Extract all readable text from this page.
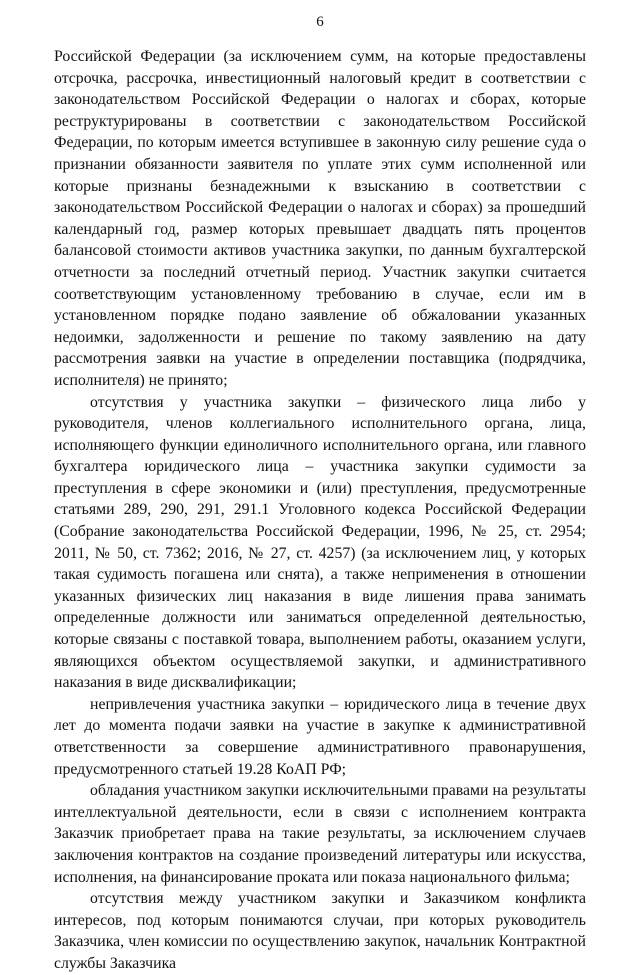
6

Российской Федерации (за исключением сумм, на которые предоставлены отсрочка, рассрочка, инвестиционный налоговый кредит в соответствии с законодательством Российской Федерации о налогах и сборах, которые реструктурированы в соответствии с законодательством Российской Федерации, по которым имеется вступившее в законную силу решение суда о признании обязанности заявителя по уплате этих сумм исполненной или которые признаны безнадежными к взысканию в соответствии с законодательством Российской Федерации о налогах и сборах) за прошедший календарный год, размер которых превышает двадцать пять процентов балансовой стоимости активов участника закупки, по данным бухгалтерской отчетности за последний отчетный период. Участник закупки считается соответствующим установленному требованию в случае, если им в установленном порядке подано заявление об обжаловании указанных недоимки, задолженности и решение по такому заявлению на дату рассмотрения заявки на участие в определении поставщика (подрядчика, исполнителя) не принято;

отсутствия у участника закупки – физического лица либо у руководителя, членов коллегиального исполнительного органа, лица, исполняющего функции единоличного исполнительного органа, или главного бухгалтера юридического лица – участника закупки судимости за преступления в сфере экономики и (или) преступления, предусмотренные статьями 289, 290, 291, 291.1 Уголовного кодекса Российской Федерации (Собрание законодательства Российской Федерации, 1996, № 25, ст. 2954; 2011, № 50, ст. 7362; 2016, № 27, ст. 4257) (за исключением лиц, у которых такая судимость погашена или снята), а также неприменения в отношении указанных физических лиц наказания в виде лишения права занимать определенные должности или заниматься определенной деятельностью, которые связаны с поставкой товара, выполнением работы, оказанием услуги, являющихся объектом осуществляемой закупки, и административного наказания в виде дисквалификации;

непривлечения участника закупки – юридического лица в течение двух лет до момента подачи заявки на участие в закупке к административной ответственности за совершение административного правонарушения, предусмотренного статьей 19.28 КоАП РФ;

обладания участником закупки исключительными правами на результаты интеллектуальной деятельности, если в связи с исполнением контракта Заказчик приобретает права на такие результаты, за исключением случаев заключения контрактов на создание произведений литературы или искусства, исполнения, на финансирование проката или показа национального фильма;

отсутствия между участником закупки и Заказчиком конфликта интересов, под которым понимаются случаи, при которых руководитель Заказчика, член комиссии по осуществлению закупок, начальник Контрактной службы Заказчика
